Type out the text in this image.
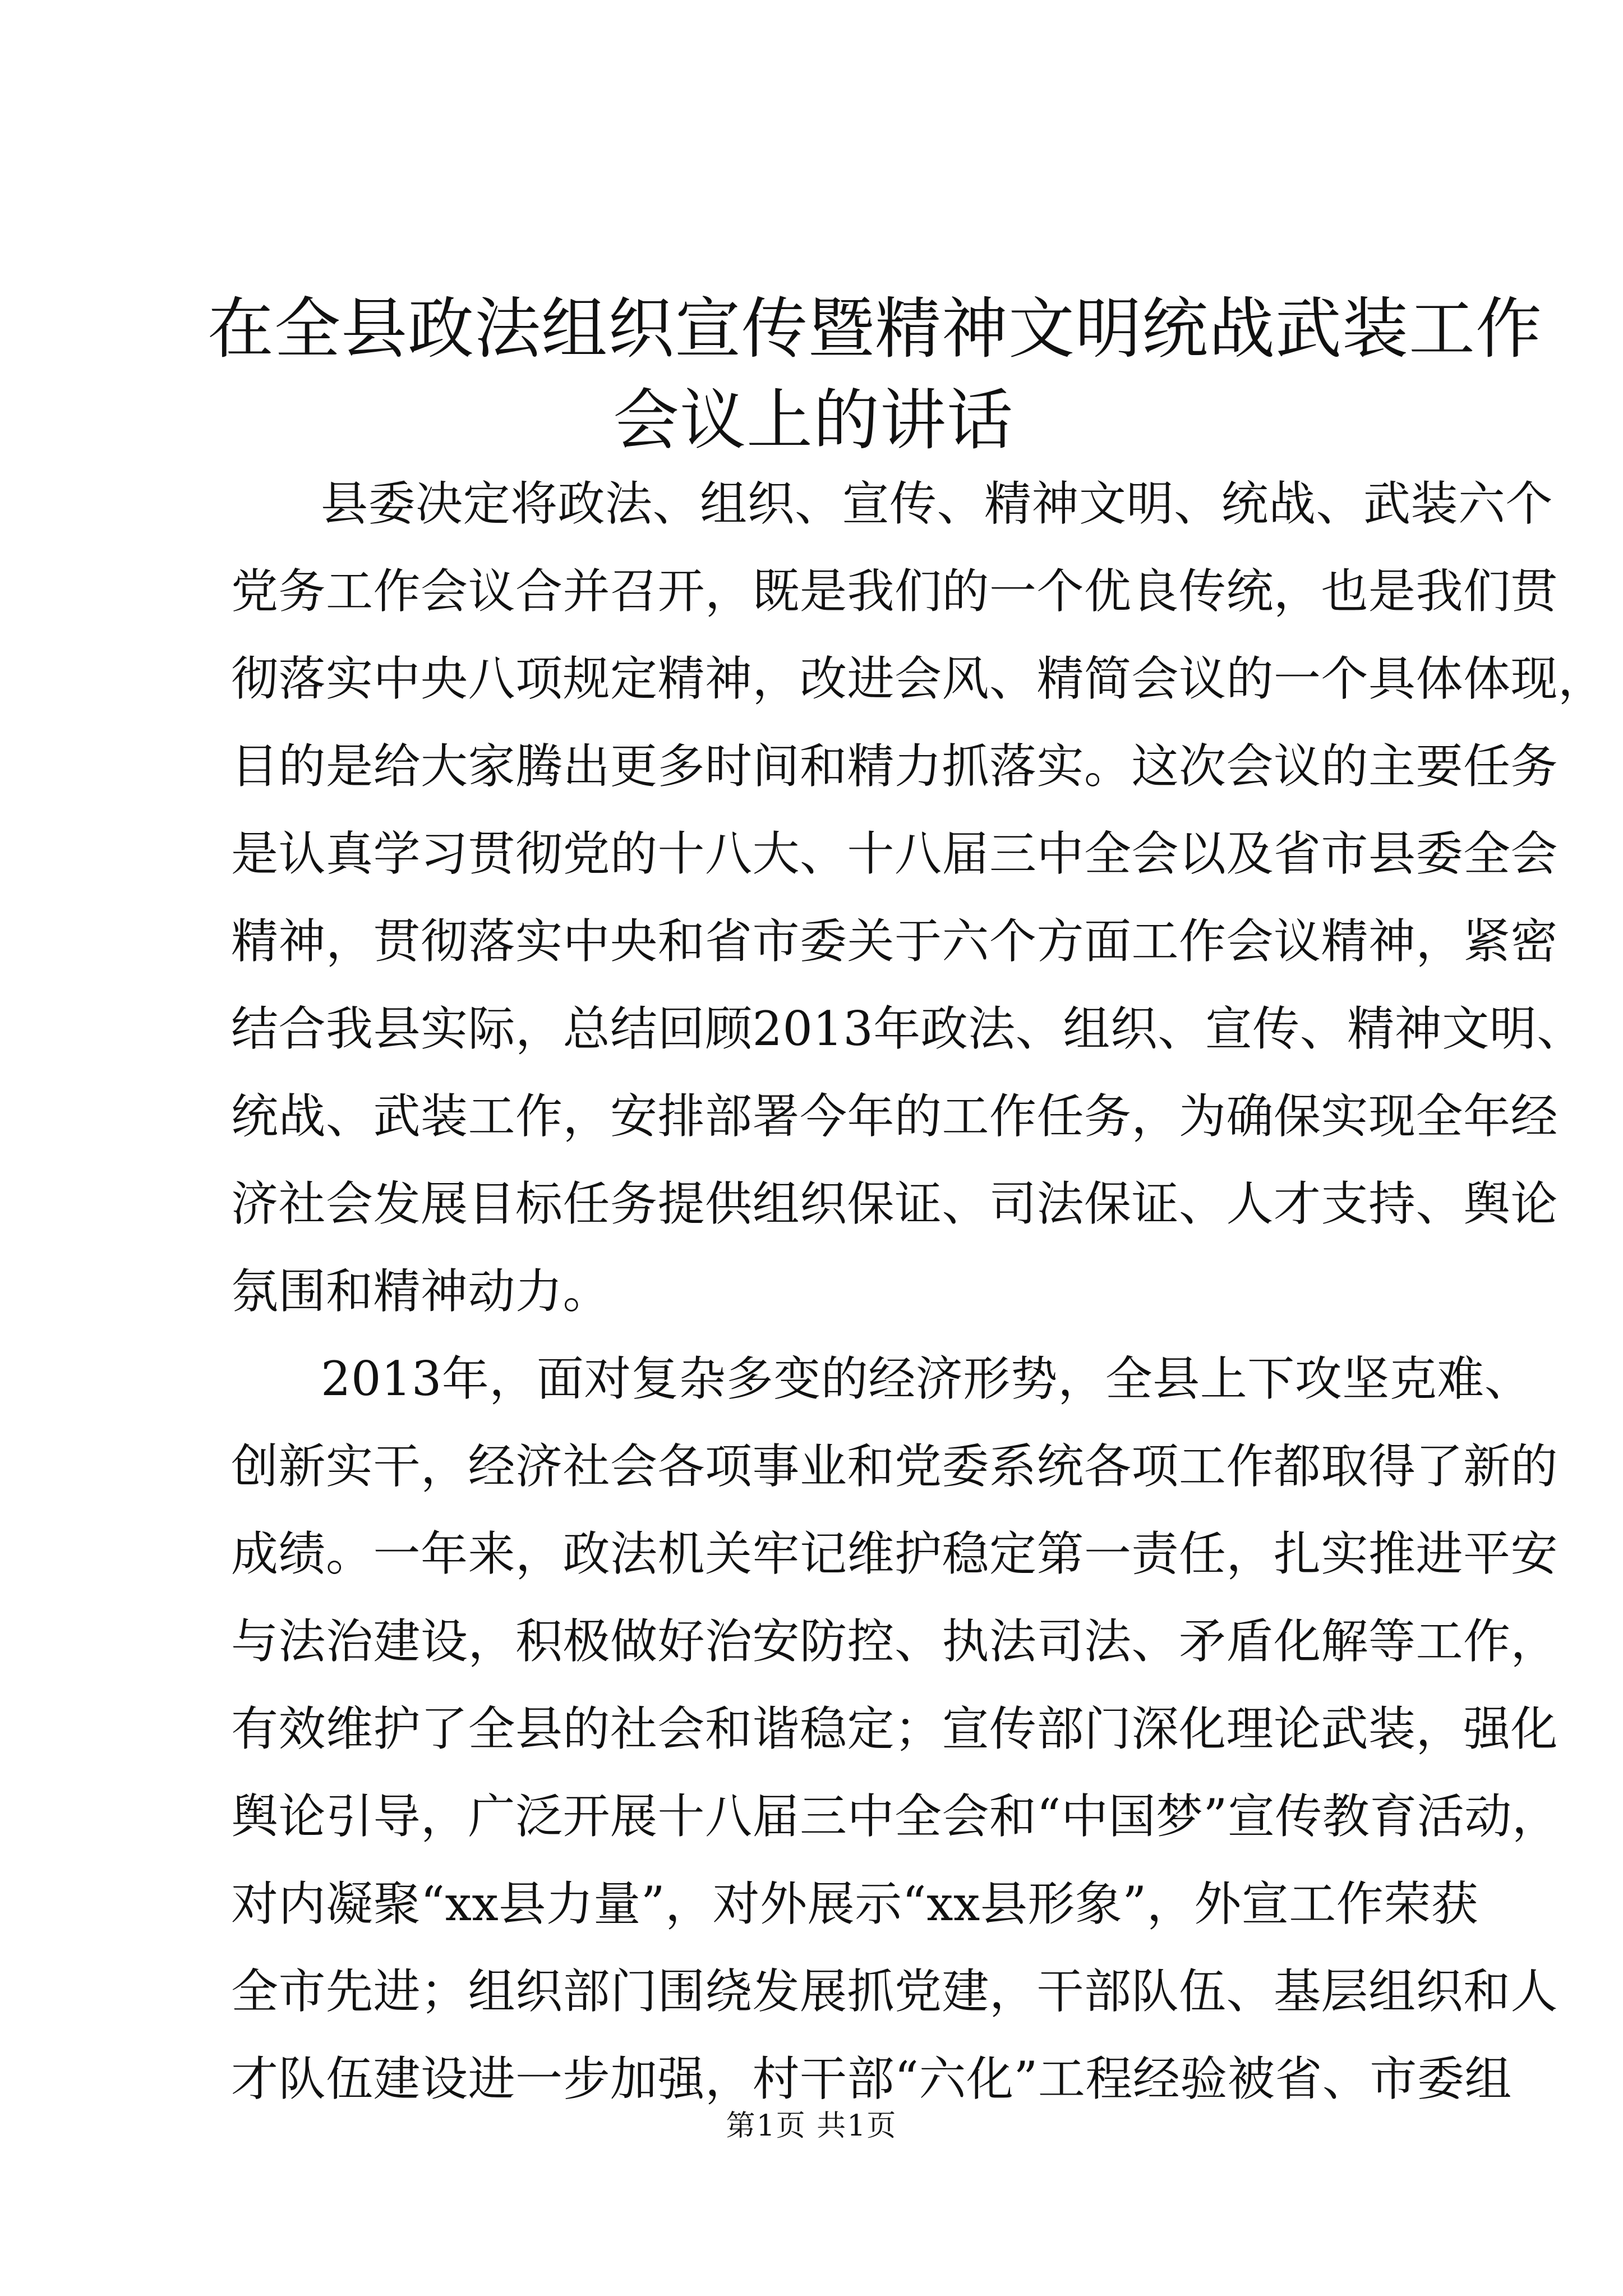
在全县政法组织宣传暨精神文明统战武装工作
会议上的讲话
县委决定将政法、组织、宣传、精神文明、统战、武装六个
党务工作会议合并召开，既是我们的一个优良传统，也是我们贯
彻落实中央八项规定精神，改进会风、精简会议的一个具体体现，
目的是给大家腾出更多时间和精力抓落实。这次会议的主要任务
是认真学习贯彻党的十八大、十八届三中全会以及省市县委全会
精神，贯彻落实中央和省市委关于六个方面工作会议精神，紧密
结合我县实际，总结回顾2013年政法、组织、宣传、精神文明、
统战、武装工作，安排部署今年的工作任务，为确保实现全年经
济社会发展目标任务提供组织保证、司法保证、人才支持、舆论
氛围和精神动力。
2013年，面对复杂多变的经济形势，全县上下攻坚克难、
创新实干，经济社会各项事业和党委系统各项工作都取得了新的
成绩。一年来，政法机关牢记维护稳定第一责任，扎实推进平安
与法治建设，积极做好治安防控、执法司法、矛盾化解等工作，
有效维护了全县的社会和谐稳定；宣传部门深化理论武装，强化
舆论引导，广泛开展十八届三中全会和“中国梦”宣传教育活动，
对内凝聚“xx县力量”，对外展示“xx县形象”，外宣工作荣获
全市先进；组织部门围绕发展抓党建，干部队伍、基层组织和人
才队伍建设进一步加强，村干部“六化”工程经验被省、市委组
第1页 共1页
